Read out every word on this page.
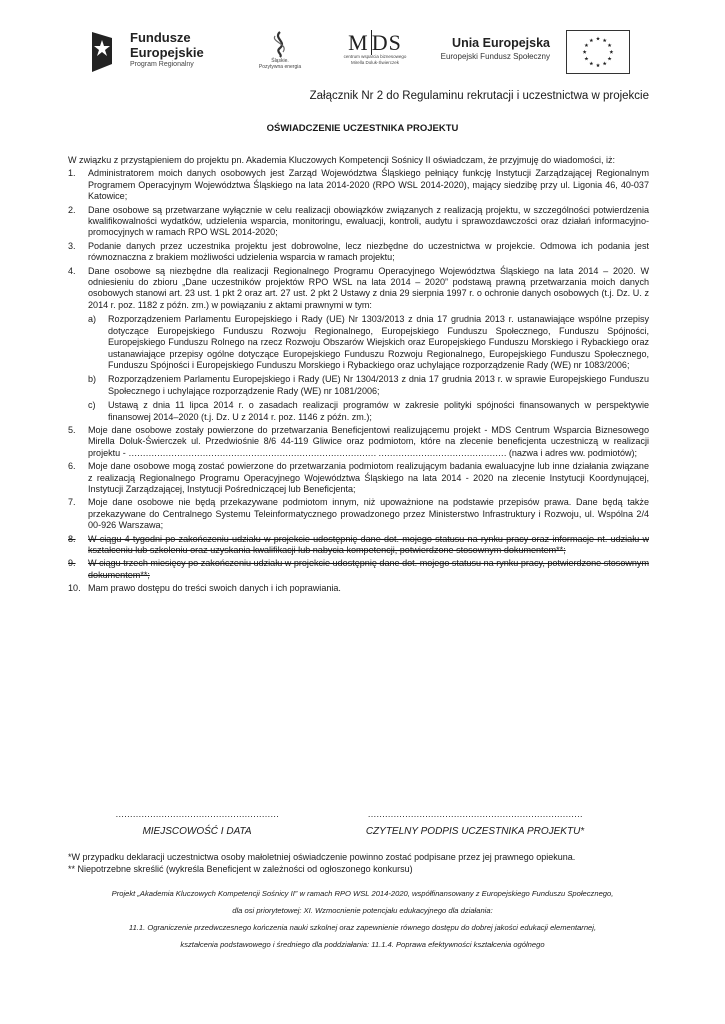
Fundusze
Europejskie
Program Regionalny	Śląskie.
Pozytywna energia
M DS
centrum wsparcia biznesowego
Mirella Doluk-Świerczek
Unia Europejska
Europejski Fundusz Społeczny
Załącznik Nr 2 do Regulaminu rekrutacji i uczestnictwa w projekcie
OŚWIADCZENIE UCZESTNIKA PROJEKTU

W związku z przystąpieniem do projektu pn. Akademia Kluczowych Kompetencji Sośnicy II oświadczam, że przyjmuję do wiadomości, iż:

1.	Administratorem moich danych osobowych jest Zarząd Województwa Śląskiego pełniący funkcję Instytucji Zarządzającej Regionalnym Programem Operacyjnym Województwa Śląskiego na lata 2014-2020 (RPO WSL 2014-2020), mający siedzibę przy ul. Ligonia 46, 40-037 Katowice;
2.	Dane osobowe są przetwarzane wyłącznie w celu realizacji obowiązków związanych z realizacją projektu, w szczególności potwierdzenia kwalifikowalności wydatków, udzielenia wsparcia, monitoringu, ewaluacji, kontroli, audytu i sprawozdawczości oraz działań informacyjno-promocyjnych w ramach RPO WSL 2014-2020;
3.	Podanie danych przez uczestnika projektu jest dobrowolne, lecz niezbędne do uczestnictwa w projekcie. Odmowa ich podania jest równoznaczna z brakiem możliwości udzielenia wsparcia w ramach projektu;
4.	Dane osobowe są niezbędne dla realizacji Regionalnego Programu Operacyjnego Województwa Śląskiego na lata 2014 – 2020. W odniesieniu do zbioru „Dane uczestników projektów RPO WSL na lata 2014 – 2020” podstawą prawną przetwarzania moich danych osobowych stanowi art. 23 ust. 1 pkt 2 oraz art. 27 ust. 2 pkt 2 Ustawy z dnia 29 sierpnia 1997 r. o ochronie danych osobowych (t.j. Dz. U. z 2014 r. poz. 1182 z późn. zm.) w powiązaniu z aktami prawnymi w tym:
a)	Rozporządzeniem Parlamentu Europejskiego i Rady (UE) Nr 1303/2013 z dnia 17 grudnia 2013 r. ustanawiające wspólne przepisy dotyczące Europejskiego Funduszu Rozwoju Regionalnego, Europejskiego Funduszu Społecznego, Funduszu Spójności, Europejskiego Funduszu Rolnego na rzecz Rozwoju Obszarów Wiejskich oraz Europejskiego Funduszu Morskiego i Rybackiego oraz ustanawiające przepisy ogólne dotyczące Europejskiego Funduszu Rozwoju Regionalnego, Europejskiego Funduszu Społecznego, Funduszu Spójności i Europejskiego Funduszu Morskiego i Rybackiego oraz uchylające rozporządzenie Rady (WE) nr 1083/2006;
b)	Rozporządzeniem Parlamentu Europejskiego i Rady (UE) Nr 1304/2013 z dnia 17 grudnia 2013 r. w sprawie Europejskiego Funduszu Społecznego i uchylające rozporządzenie Rady (WE) nr 1081/2006;
c)	Ustawą z dnia 11 lipca 2014 r. o zasadach realizacji programów w zakresie polityki spójności finansowanych w perspektywie finansowej 2014–2020 (t.j. Dz. U z 2014 r. poz. 1146 z późn. zm.);
5.	Moje dane osobowe zostały powierzone do przetwarzania Beneficjentowi realizującemu projekt - MDS Centrum Wsparcia Biznesowego Mirella Doluk-Świerczek ul. Przedwiośnie 8/6 44-119 Gliwice oraz podmiotom, które na zlecenie beneficjenta uczestniczą w realizacji projektu - …………………………………………………………………………… ……………………………………… (nazwa i adres ww. podmiotów);
6.	Moje dane osobowe mogą zostać powierzone do przetwarzania podmiotom realizującym badania ewaluacyjne lub inne działania związane z realizacją Regionalnego Programu Operacyjnego Województwa Śląskiego na lata 2014 - 2020 na zlecenie Instytucji Koordynującej, Instytucji Zarządzającej, Instytucji Pośredniczącej lub Beneficjenta;
7.	Moje dane osobowe nie będą przekazywane podmiotom innym, niż upoważnione na podstawie przepisów prawa. Dane będą także przekazywane do Centralnego Systemu Teleinformatycznego prowadzonego przez Ministerstwo Infrastruktury i Rozwoju, ul. Wspólna 2/4 00-926 Warszawa;
8.	W ciągu 4 tygodni po zakończeniu udziału w projekcie udostępnię dane dot. mojego statusu na rynku pracy oraz informacje nt. udziału w kształceniu lub szkoleniu oraz uzyskania kwalifikacji lub nabycia kompetencji, potwierdzone stosownym dokumentem**;
9.	W ciągu trzech miesięcy po zakończeniu udziału w projekcie udostępnię dane dot. mojego statusu na rynku pracy, potwierdzone stosownym dokumentem**;
10. Mam prawo dostępu do treści swoich danych i ich poprawiania.
…………………………………………………
MIEJSCOWOŚĆ I DATA
…………………………………………………………………
CZYTELNY PODPIS UCZESTNIKA PROJEKTU*
*W przypadku deklaracji uczestnictwa osoby małoletniej oświadczenie powinno zostać podpisane przez jej prawnego opiekuna.
** Niepotrzebne skreślić (wykreśla Beneficjent w zależności od ogłoszonego konkursu)
Projekt „Akademia Kluczowych Kompetencji Sośnicy II” w ramach RPO WSL 2014-2020, współfinansowany z Europejskiego Funduszu Społecznego,
dla osi priorytetowej: XI. Wzmocnienie potencjału edukacyjnego dla działania:
11.1. Ograniczenie przedwczesnego kończenia nauki szkolnej oraz zapewnienie równego dostępu do dobrej jakości edukacji elementarnej,
kształcenia podstawowego i średniego dla poddziałania: 11.1.4. Poprawa efektywności kształcenia ogólnego
